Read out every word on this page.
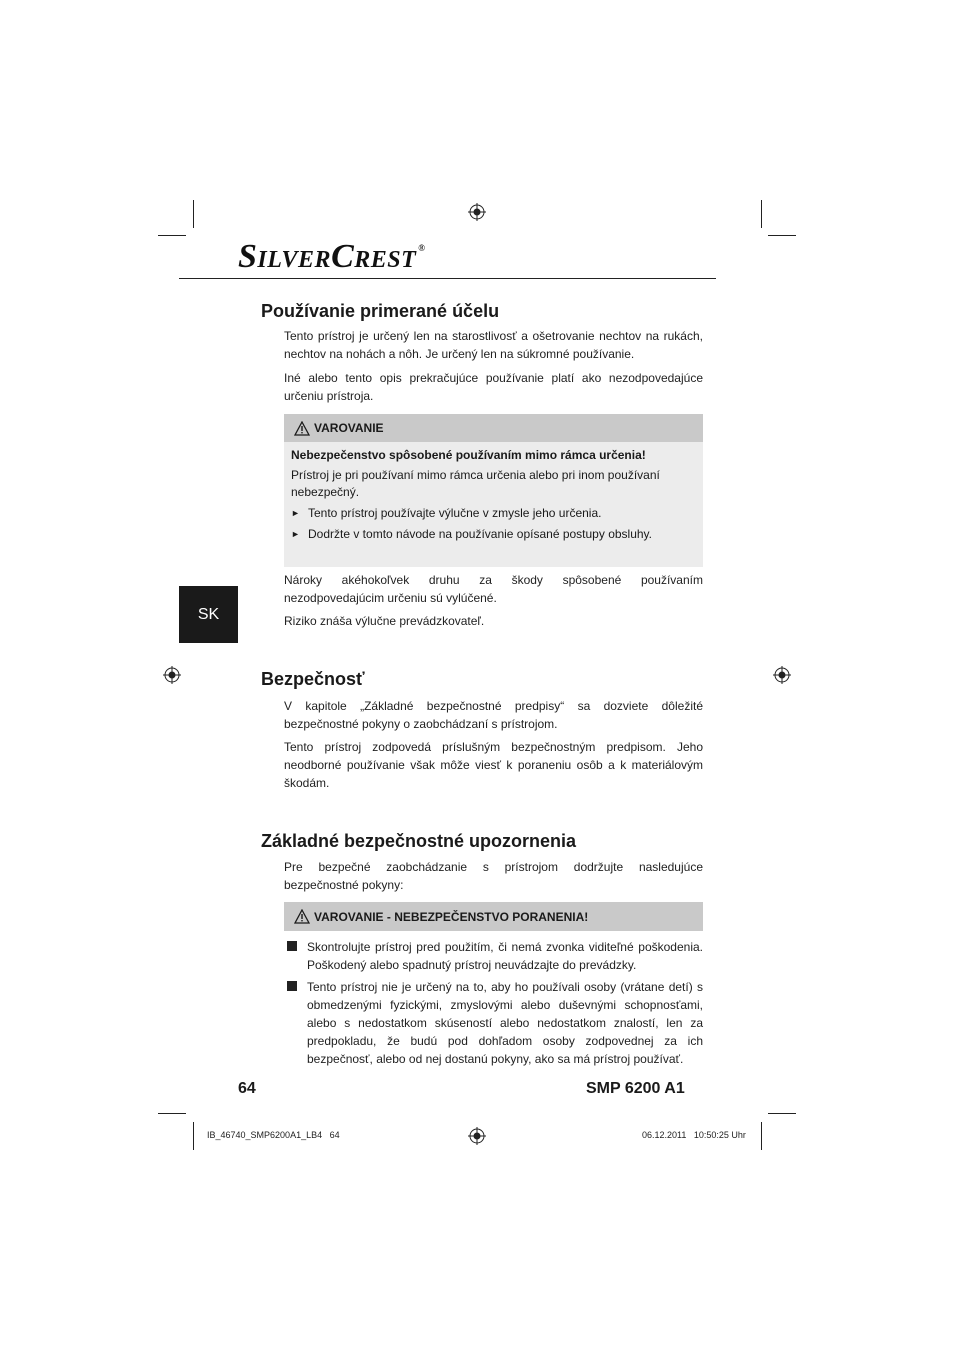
SILVERCREST ®
SK
Používanie primerané účelu

Tento prístroj je určený len na starostlivosť a ošetrovanie nechtov na rukách, nechtov na nohách a nôh. Je určený len na súkromné používanie.

Iné alebo tento opis prekračujúce používanie platí ako nezodpovedajúce určeniu prístroja.

VAROVANIE

Nebezpečenstvo spôsobené používaním mimo rámca určenia!

Prístroj je pri používaní mimo rámca určenia alebo pri inom používaní nebezpečný.

► Tento prístroj používajte výlučne v zmysle jeho určenia.
► Dodržte v tomto návode na používanie opísané postupy obsluhy.

Nároky akéhokoľvek druhu za škody spôsobené používaním nezodpovedajúcim určeniu sú vylúčené.

Riziko znáša výlučne prevádzkovateľ.

Bezpečnosť

V kapitole „Základné bezpečnostné predpisy“ sa dozviete dôležité bezpečnostné pokyny o zaobchádzaní s prístrojom.

Tento prístroj zodpovedá príslušným bezpečnostným predpisom. Jeho neodborné používanie však môže viesť k poraneniu osôb a k materiálovým škodám.

Základné bezpečnostné upozornenia

Pre bezpečné zaobchádzanie s prístrojom dodržujte nasledujúce bezpečnostné pokyny:

VAROVANIE - NEBEZPEČENSTVO PORANENIA!
Skontrolujte prístroj pred použitím, či nemá zvonka viditeľné poškodenia. Poškodený alebo spadnutý prístroj neuvádzajte do prevádzky.
Tento prístroj nie je určený na to, aby ho používali osoby (vrátane detí) s obmedzenými fyzickými, zmyslovými alebo duševnými schopnosťami, alebo s nedostatkom skúseností alebo nedostatkom znalostí, len za predpokladu, že budú pod dohľadom osoby zodpovednej za ich bezpečnosť, alebo od nej dostanú pokyny, ako sa má prístroj používať.
64	SMP 6200 A1
IB_46740_SMP6200A1_LB4   64	06.12.2011   10:50:25 Uhr
